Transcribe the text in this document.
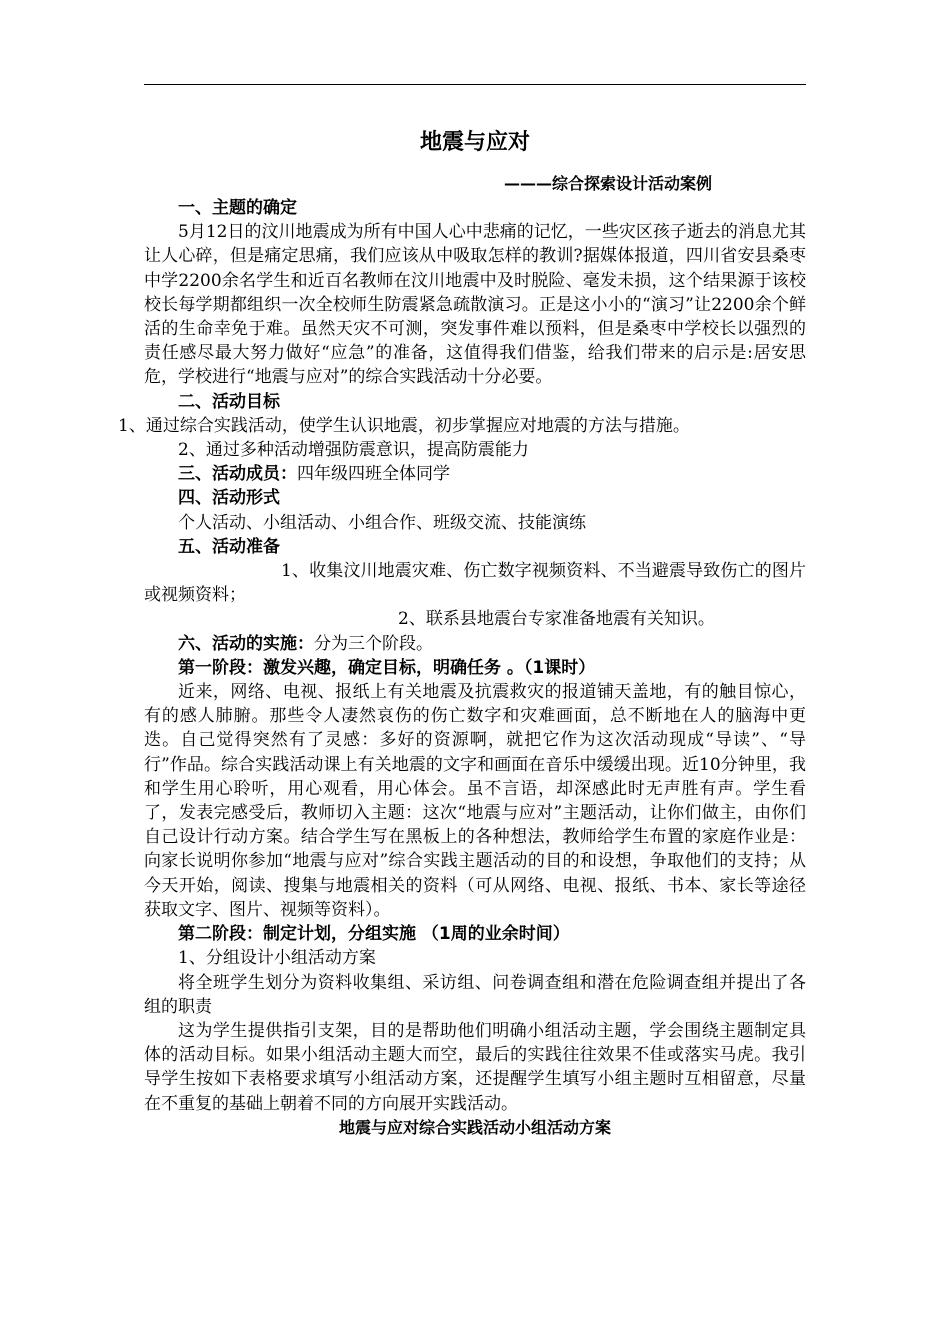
地震与应对
———综合探索设计活动案例
一、主题的确定
5月12日的汶川地震成为所有中国人心中悲痛的记忆，一些灾区孩子逝去的消息尤其让人心碎，但是痛定思痛，我们应该从中吸取怎样的教训?据媒体报道，四川省安县桑枣中学2200余名学生和近百名教师在汶川地震中及时脱险、毫发未损，这个结果源于该校校长每学期都组织一次全校师生防震紧急疏散演习。正是这小小的“演习”让2200余个鲜活的生命幸免于难。虽然天灾不可测，突发事件难以预料，但是桑枣中学校长以强烈的责任感尽最大努力做好“应急”的准备，这值得我们借鉴，给我们带来的启示是:居安思危，学校进行“地震与应对”的综合实践活动十分必要。
二、活动目标
1、通过综合实践活动，使学生认识地震，初步掌握应对地震的方法与措施。
2、通过多种活动增强防震意识，提高防震能力
三、活动成员：四年级四班全体同学
四、活动形式
个人活动、小组活动、小组合作、班级交流、技能演练
五、活动准备
1、收集汶川地震灾难、伤亡数字视频资料、不当避震导致伤亡的图片或视频资料；
2、联系县地震台专家准备地震有关知识。
六、活动的实施：分为三个阶段。
第一阶段：激发兴趣，确定目标，明确任务 。（1课时）
近来，网络、电视、报纸上有关地震及抗震救灾的报道铺天盖地，有的触目惊心，有的感人肺腑。那些令人凄然哀伤的伤亡数字和灾难画面，总不断地在人的脑海中更迭。自己觉得突然有了灵感：多好的资源啊，就把它作为这次活动现成“导读”、“导行”作品。综合实践活动课上有关地震的文字和画面在音乐中缓缓出现。近10分钟里，我和学生用心聆听，用心观看，用心体会。虽不言语，却深感此时无声胜有声。学生看了，发表完感受后，教师切入主题：这次“地震与应对”主题活动，让你们做主，由你们自己设计行动方案。结合学生写在黑板上的各种想法，教师给学生布置的家庭作业是：向家长说明你参加“地震与应对”综合实践主题活动的目的和设想，争取他们的支持；从今天开始，阅读、搜集与地震相关的资料（可从网络、电视、报纸、书本、家长等途径获取文字、图片、视频等资料）。
第二阶段：制定计划，分组实施 （1周的业余时间）
1、分组设计小组活动方案
将全班学生划分为资料收集组、采访组、问卷调查组和潜在危险调查组并提出了各组的职责
这为学生提供指引支架，目的是帮助他们明确小组活动主题，学会围绕主题制定具体的活动目标。如果小组活动主题大而空，最后的实践往往效果不佳或落实马虎。我引导学生按如下表格要求填写小组活动方案，还提醒学生填写小组主题时互相留意，尽量在不重复的基础上朝着不同的方向展开实践活动。
地震与应对综合实践活动小组活动方案
